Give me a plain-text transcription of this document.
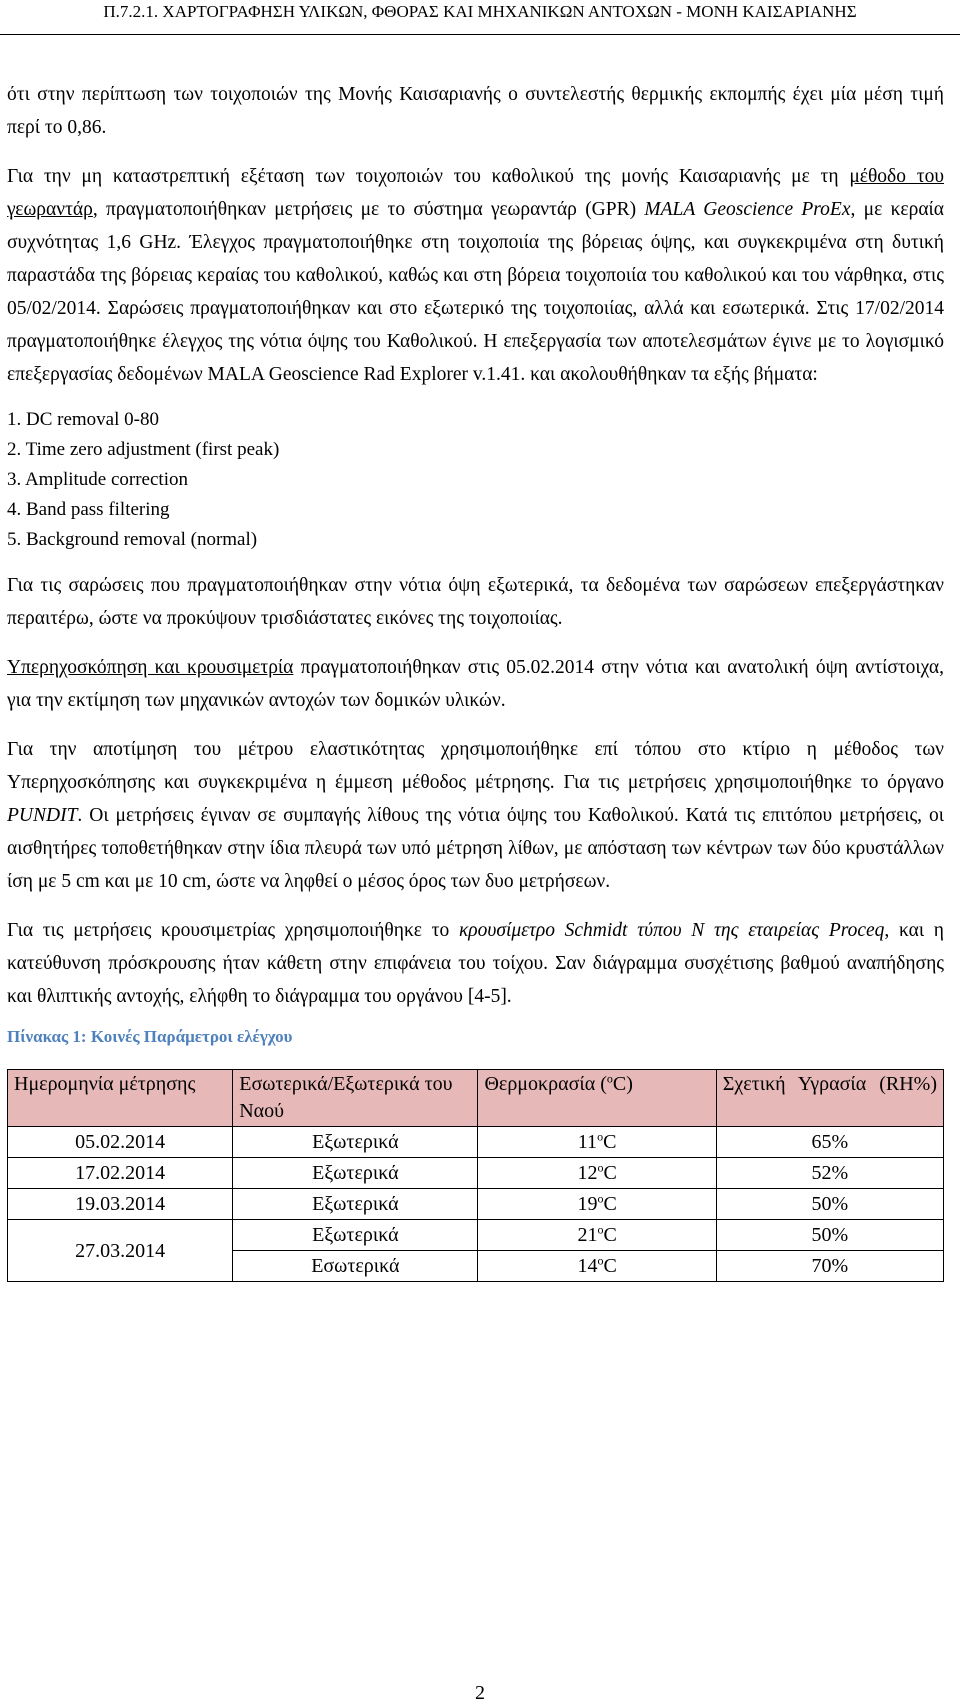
Π.7.2.1. ΧΑΡΤΟΓΡΑΦΗΣΗ ΥΛΙΚΩΝ, ΦΘΟΡΑΣ ΚΑΙ ΜΗΧΑΝΙΚΩΝ ΑΝΤΟΧΩΝ - ΜΟΝΗ ΚΑΙΣΑΡΙΑΝΗΣ

ότι στην περίπτωση των τοιχοποιών της Μονής Καισαριανής ο συντελεστής θερμικής εκπομπής έχει μία μέση τιμή περί το 0,86.

Για την μη καταστρεπτική εξέταση των τοιχοποιών του καθολικού της μονής Καισαριανής με τη μέθοδο του γεωραντάρ, πραγματοποιήθηκαν μετρήσεις με το σύστημα γεωραντάρ (GPR) MALA Geoscience ProEx, με κεραία συχνότητας 1,6 GHz. Έλεγχος πραγματοποιήθηκε στη τοιχοποιία της βόρειας όψης, και συγκεκριμένα στη δυτική παραστάδα της βόρειας κεραίας του καθολικού, καθώς και στη βόρεια τοιχοποιία του καθολικού και του νάρθηκα, στις 05/02/2014. Σαρώσεις πραγματοποιήθηκαν και στο εξωτερικό της τοιχοποιίας, αλλά και εσωτερικά. Στις 17/02/2014 πραγματοποιήθηκε έλεγχος της νότια όψης του Καθολικού. Η επεξεργασία των αποτελεσμάτων έγινε με το λογισμικό επεξεργασίας δεδομένων MALA Geoscience Rad Explorer v.1.41. και ακολουθήθηκαν τα εξής βήματα:

1. DC removal 0-80
2. Time zero adjustment (first peak)
3. Amplitude correction
4. Band pass filtering
5. Background removal (normal)

Για τις σαρώσεις που πραγματοποιήθηκαν στην νότια όψη εξωτερικά, τα δεδομένα των σαρώσεων επεξεργάστηκαν περαιτέρω, ώστε να προκύψουν τρισδιάστατες εικόνες της τοιχοποιίας.

Υπερηχοσκόπηση και κρουσιμετρία πραγματοποιήθηκαν στις 05.02.2014 στην νότια και ανατολική όψη αντίστοιχα, για την εκτίμηση των μηχανικών αντοχών των δομικών υλικών.

Για την αποτίμηση του μέτρου ελαστικότητας χρησιμοποιήθηκε επί τόπου στο κτίριο η μέθοδος των Υπερηχοσκόπησης και συγκεκριμένα η έμμεση μέθοδος μέτρησης. Για τις μετρήσεις χρησιμοποιήθηκε το όργανο PUNDIT. Οι μετρήσεις έγιναν σε συμπαγής λίθους της νότια όψης του Καθολικού. Κατά τις επιτόπου μετρήσεις, οι αισθητήρες τοποθετήθηκαν στην ίδια πλευρά των υπό μέτρηση λίθων, με απόσταση των κέντρων των δύο κρυστάλλων ίση με 5 cm και με 10 cm, ώστε να ληφθεί ο μέσος όρος των δυο μετρήσεων.

Για τις μετρήσεις κρουσιμετρίας χρησιμοποιήθηκε το κρουσίμετρο Schmidt τύπου N της εταιρείας Proceq, και η κατεύθυνση πρόσκρουσης ήταν κάθετη στην επιφάνεια του τοίχου. Σαν διάγραμμα συσχέτισης βαθμού αναπήδησης και θλιπτικής αντοχής, ελήφθη το διάγραμμα του οργάνου [4-5].

Πίνακας 1: Κοινές Παράμετροι ελέγχου
Ημερομηνία μέτρησης	Εσωτερικά/Εξωτερικά του Ναού	Θερμοκρασία ($^o$C)	Σχετική Υγρασία (RH%)
05.02.2014	Εξωτερικά	11$^o$C	65%
17.02.2014	Εξωτερικά	12$^o$C	52%
19.03.2014	Εξωτερικά	19$^o$C	50%
27.03.2014	Εξωτερικά	21$^o$C	50%
	Εσωτερικά	14$^o$C	70%
2
